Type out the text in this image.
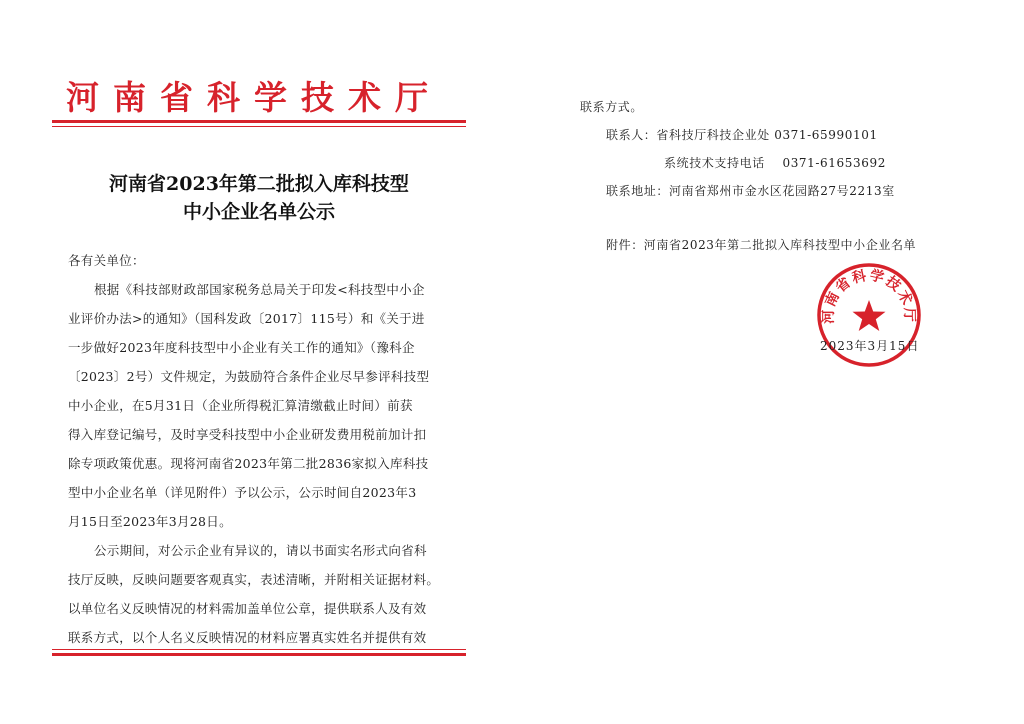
河南省科学技术厅
河南省2023年第二批拟入库科技型
中小企业名单公示
各有关单位：
根据《科技部财政部国家税务总局关于印发<科技型中小企
业评价办法>的通知》（国科发政〔2017〕115号）和《关于进
一步做好2023年度科技型中小企业有关工作的通知》（豫科企
〔2023〕2号）文件规定，为鼓励符合条件企业尽早参评科技型
中小企业，在5月31日（企业所得税汇算清缴截止时间）前获
得入库登记编号，及时享受科技型中小企业研发费用税前加计扣
除专项政策优惠。现将河南省2023年第二批2836家拟入库科技
型中小企业名单（详见附件）予以公示，公示时间自2023年3
月15日至2023年3月28日。
公示期间，对公示企业有异议的，请以书面实名形式向省科
技厅反映，反映问题要客观真实，表述清晰，并附相关证据材料。
以单位名义反映情况的材料需加盖单位公章，提供联系人及有效
联系方式，以个人名义反映情况的材料应署真实姓名并提供有效
联系方式。
联系人：省科技厅科技企业处 0371-65990101
系统技术支持电话    0371-61653692
联系地址：河南省郑州市金水区花园路27号2213室
附件：河南省2023年第二批拟入库科技型中小企业名单
河南省科学技术厅
2023年3月15日
